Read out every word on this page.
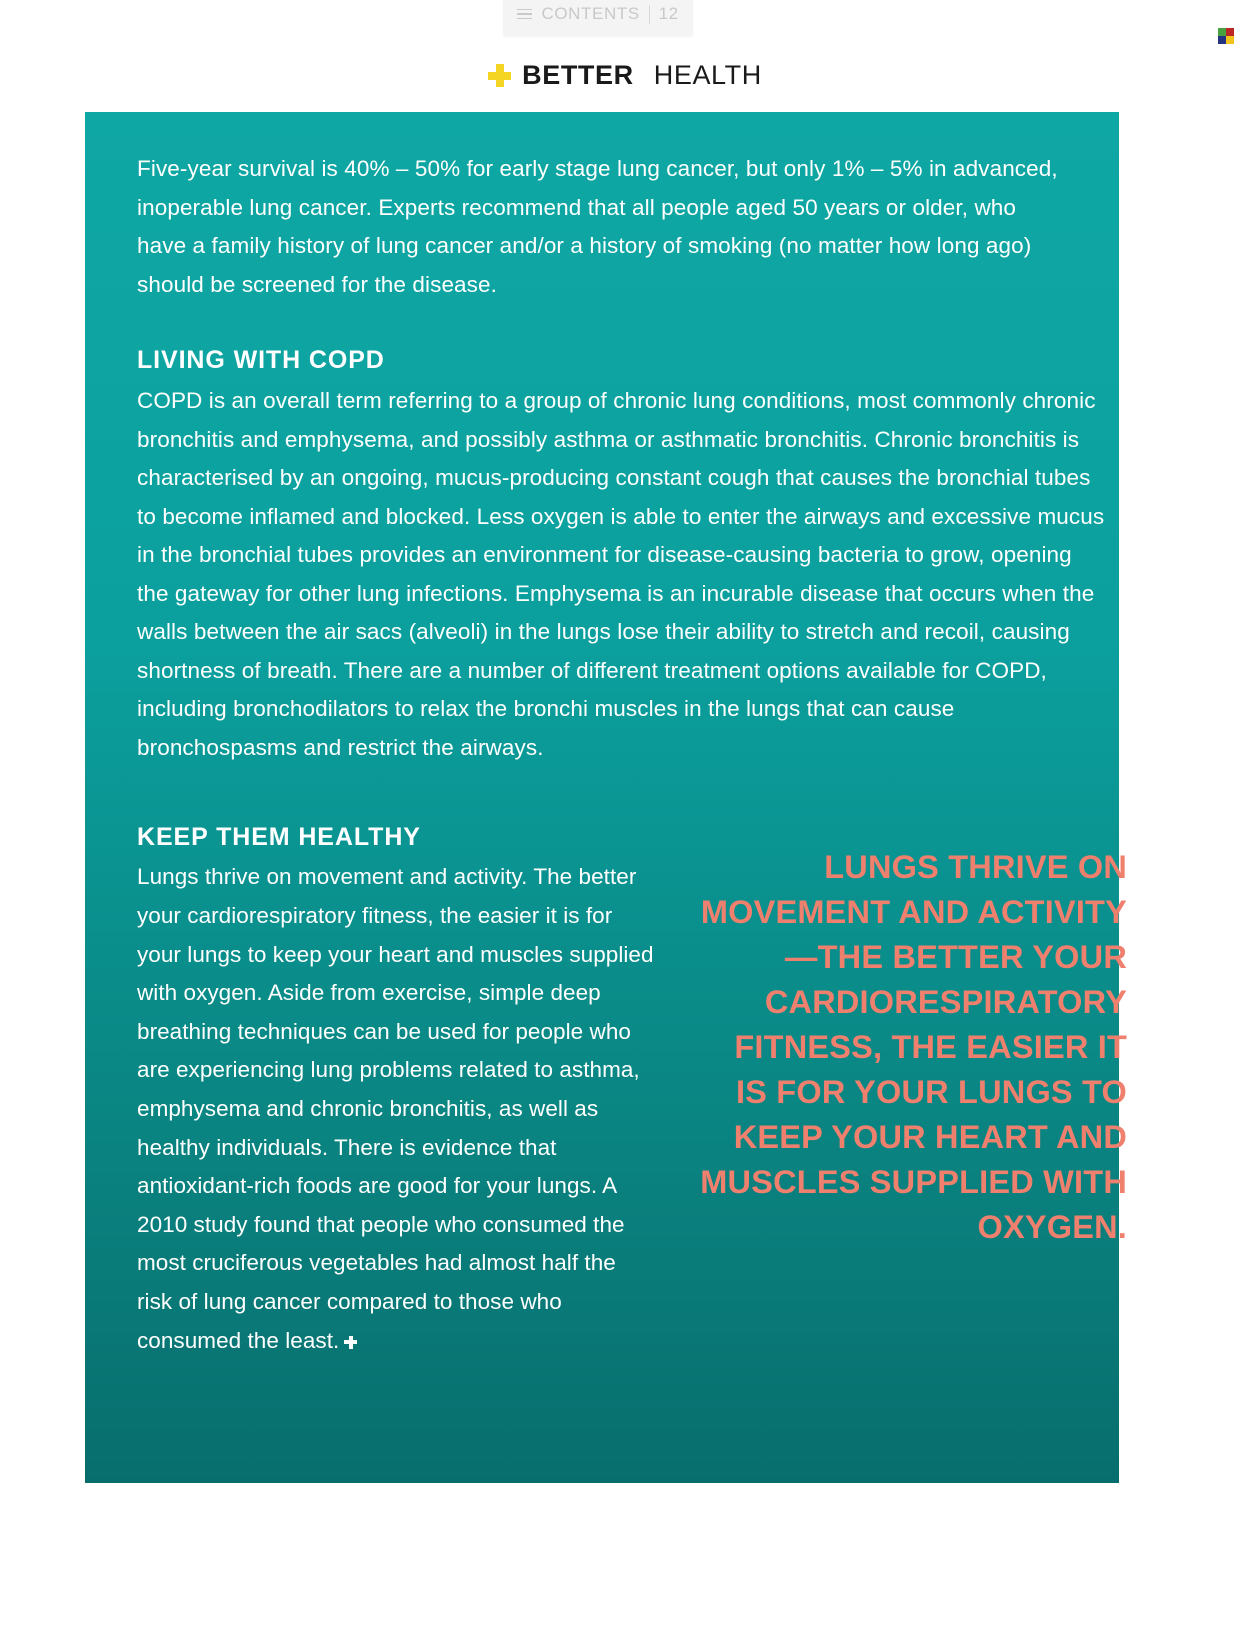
CONTENTS 12
BETTER HEALTH

Five-year survival is 40% – 50% for early stage lung cancer, but only 1% – 5% in advanced, inoperable lung cancer. Experts recommend that all people aged 50 years or older, who have a family history of lung cancer and/or a history of smoking (no matter how long ago) should be screened for the disease.

LIVING WITH COPD

COPD is an overall term referring to a group of chronic lung conditions, most commonly chronic bronchitis and emphysema, and possibly asthma or asthmatic bronchitis. Chronic bronchitis is characterised by an ongoing, mucus-producing constant cough that causes the bronchial tubes to become inflamed and blocked. Less oxygen is able to enter the airways and excessive mucus in the bronchial tubes provides an environment for disease-causing bacteria to grow, opening the gateway for other lung infections. Emphysema is an incurable disease that occurs when the walls between the air sacs (alveoli) in the lungs lose their ability to stretch and recoil, causing shortness of breath. There are a number of different treatment options available for COPD, including bronchodilators to relax the bronchi muscles in the lungs that can cause bronchospasms and restrict the airways.

KEEP THEM HEALTHY

Lungs thrive on movement and activity. The better your cardiorespiratory fitness, the easier it is for your lungs to keep your heart and muscles supplied with oxygen. Aside from exercise, simple deep breathing techniques can be used for people who are experiencing lung problems related to asthma, emphysema and chronic bronchitis, as well as healthy individuals. There is evidence that antioxidant-rich foods are good for your lungs. A 2010 study found that people who consumed the most cruciferous vegetables had almost half the risk of lung cancer compared to those who consumed the least.

LUNGS THRIVE ON MOVEMENT AND ACTIVITY—THE BETTER YOUR CARDIORESPIRATORY FITNESS, THE EASIER IT IS FOR YOUR LUNGS TO KEEP YOUR HEART AND MUSCLES SUPPLIED WITH OXYGEN.
